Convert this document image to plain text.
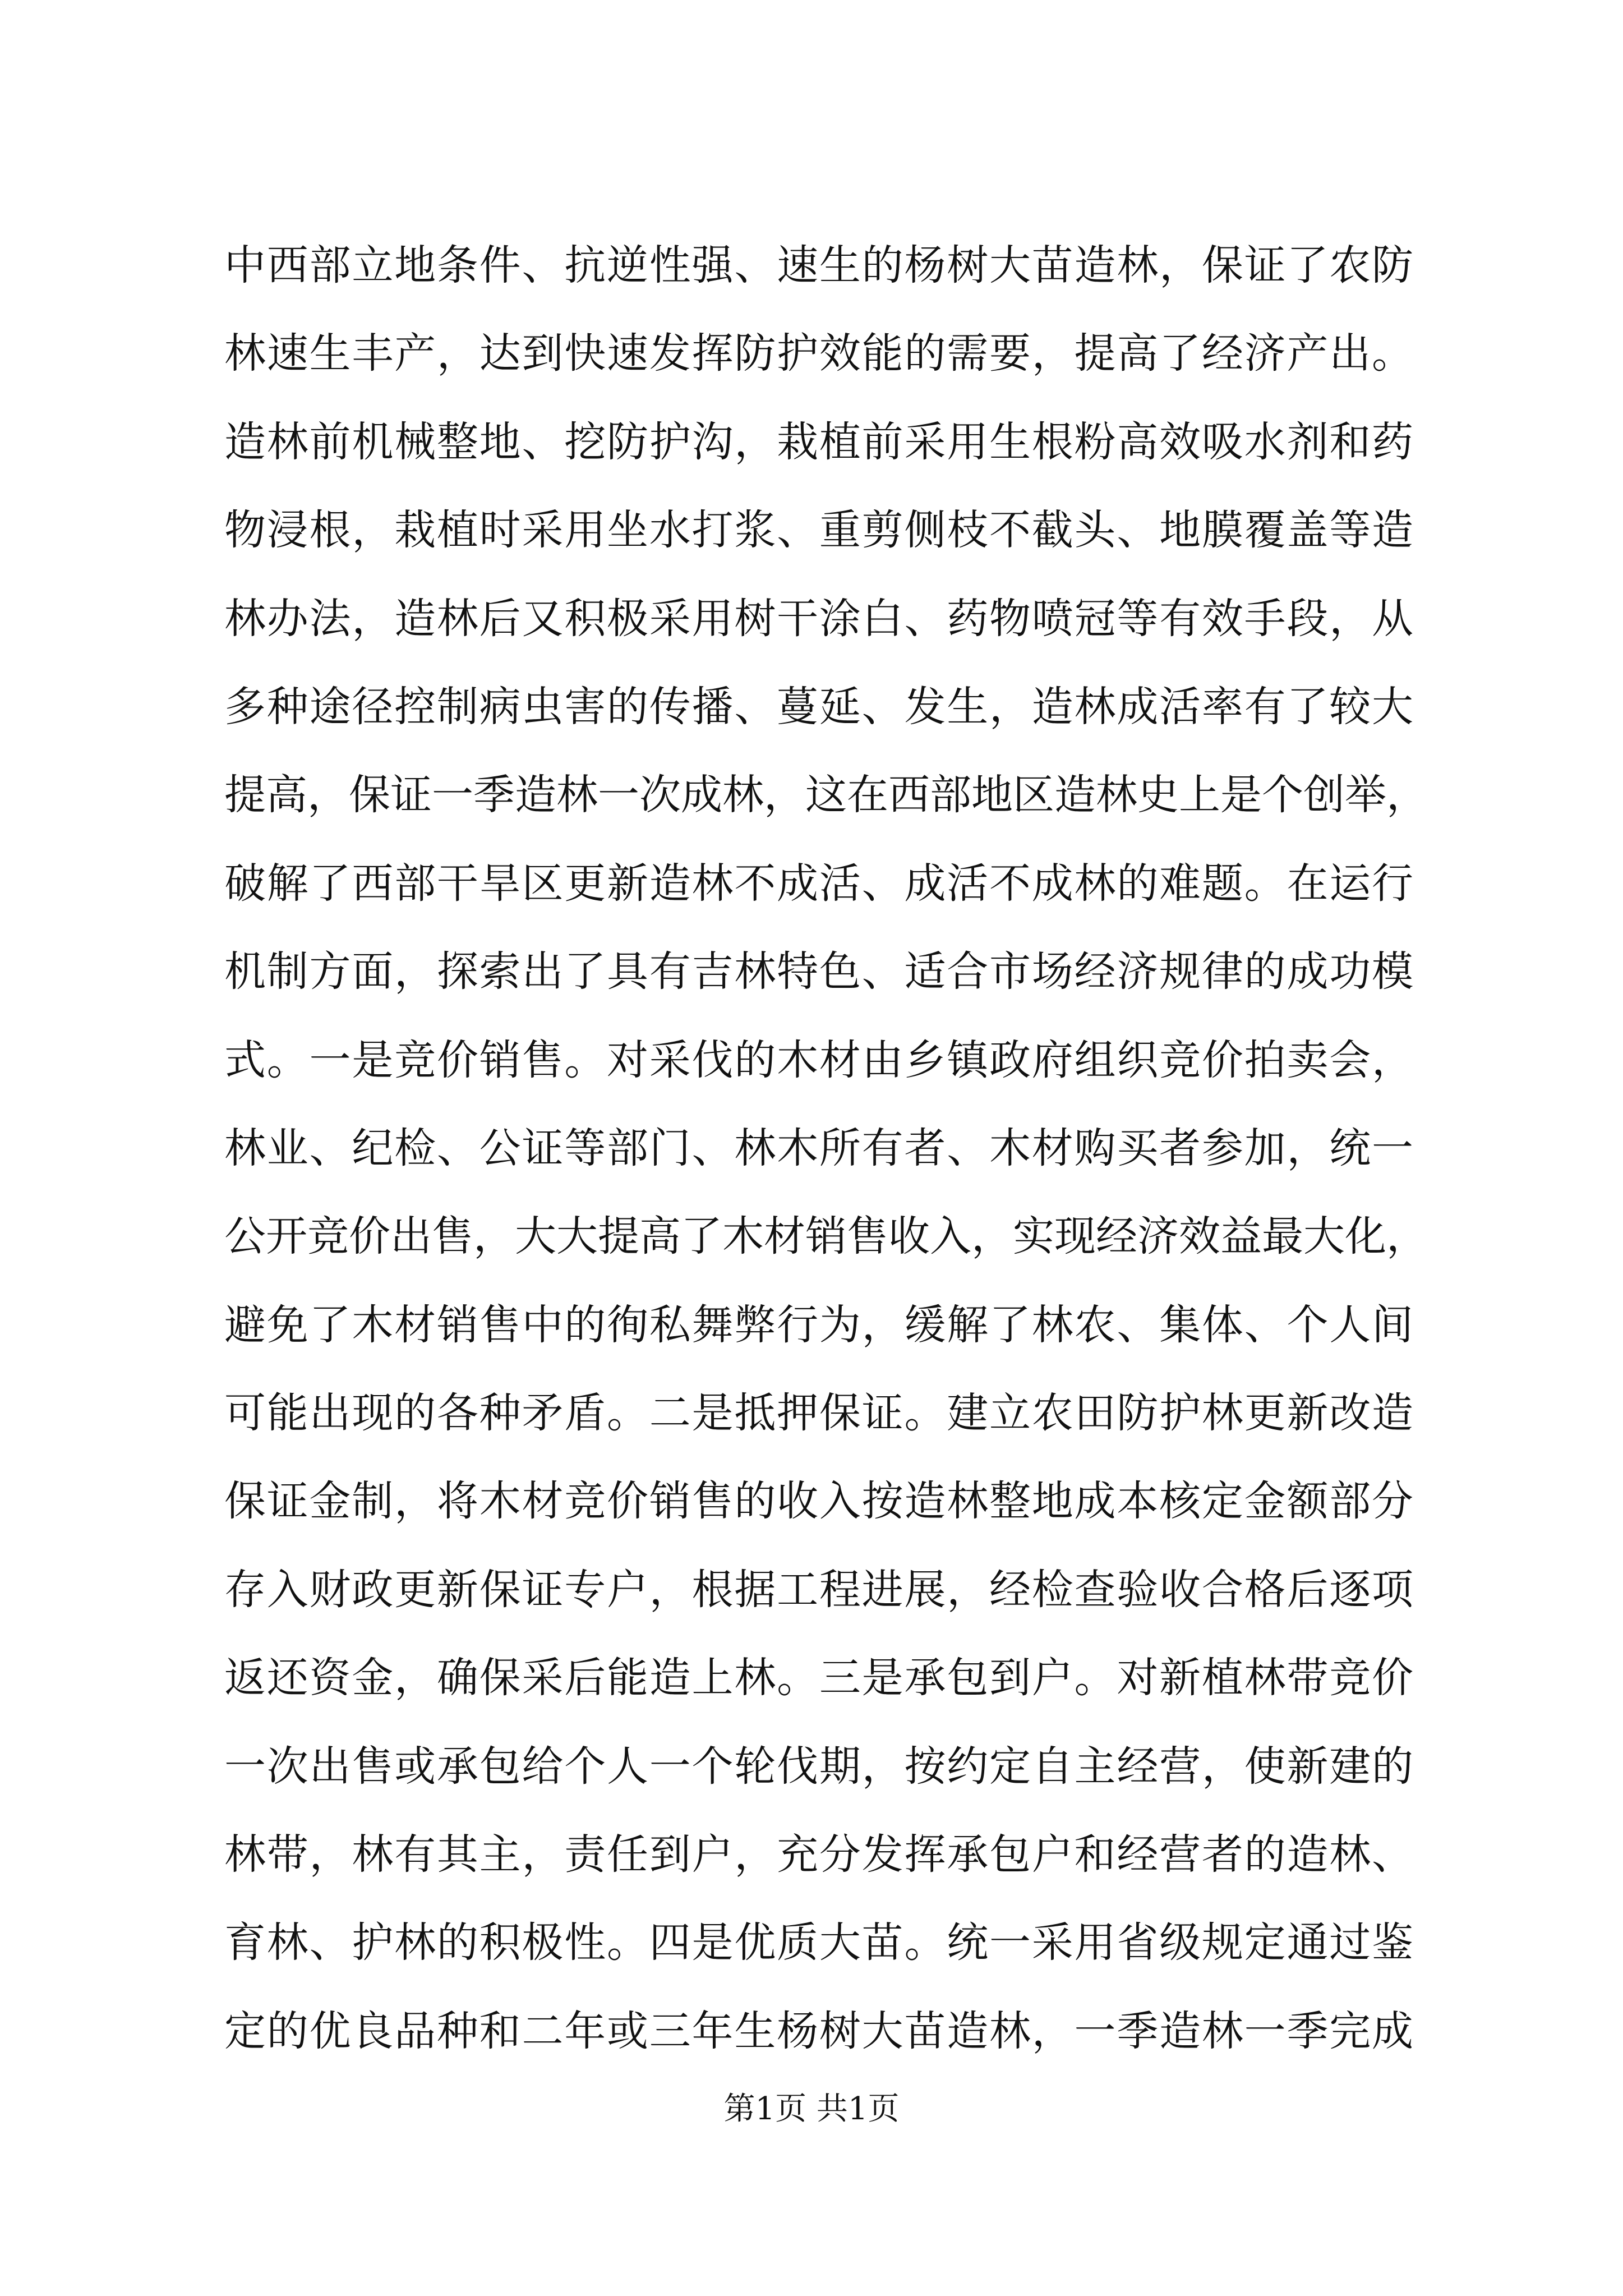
中西部立地条件、抗逆性强、速生的杨树大苗造林，保证了农防
林速生丰产，达到快速发挥防护效能的需要，提高了经济产出。
造林前机械整地、挖防护沟，栽植前采用生根粉高效吸水剂和药
物浸根，栽植时采用坐水打浆、重剪侧枝不截头、地膜覆盖等造
林办法，造林后又积极采用树干涂白、药物喷冠等有效手段，从
多种途径控制病虫害的传播、蔓延、发生，造林成活率有了较大
提高，保证一季造林一次成林，这在西部地区造林史上是个创举，
破解了西部干旱区更新造林不成活、成活不成林的难题。在运行
机制方面，探索出了具有吉林特色、适合市场经济规律的成功模
式。一是竞价销售。对采伐的木材由乡镇政府组织竞价拍卖会，
林业、纪检、公证等部门、林木所有者、木材购买者参加，统一
公开竞价出售，大大提高了木材销售收入，实现经济效益最大化，
避免了木材销售中的徇私舞弊行为，缓解了林农、集体、个人间
可能出现的各种矛盾。二是抵押保证。建立农田防护林更新改造
保证金制，将木材竞价销售的收入按造林整地成本核定金额部分
存入财政更新保证专户，根据工程进展，经检查验收合格后逐项
返还资金，确保采后能造上林。三是承包到户。对新植林带竞价
一次出售或承包给个人一个轮伐期，按约定自主经营，使新建的
林带，林有其主，责任到户，充分发挥承包户和经营者的造林、
育林、护林的积极性。四是优质大苗。统一采用省级规定通过鉴
定的优良品种和二年或三年生杨树大苗造林，一季造林一季完成
第1页 共1页
